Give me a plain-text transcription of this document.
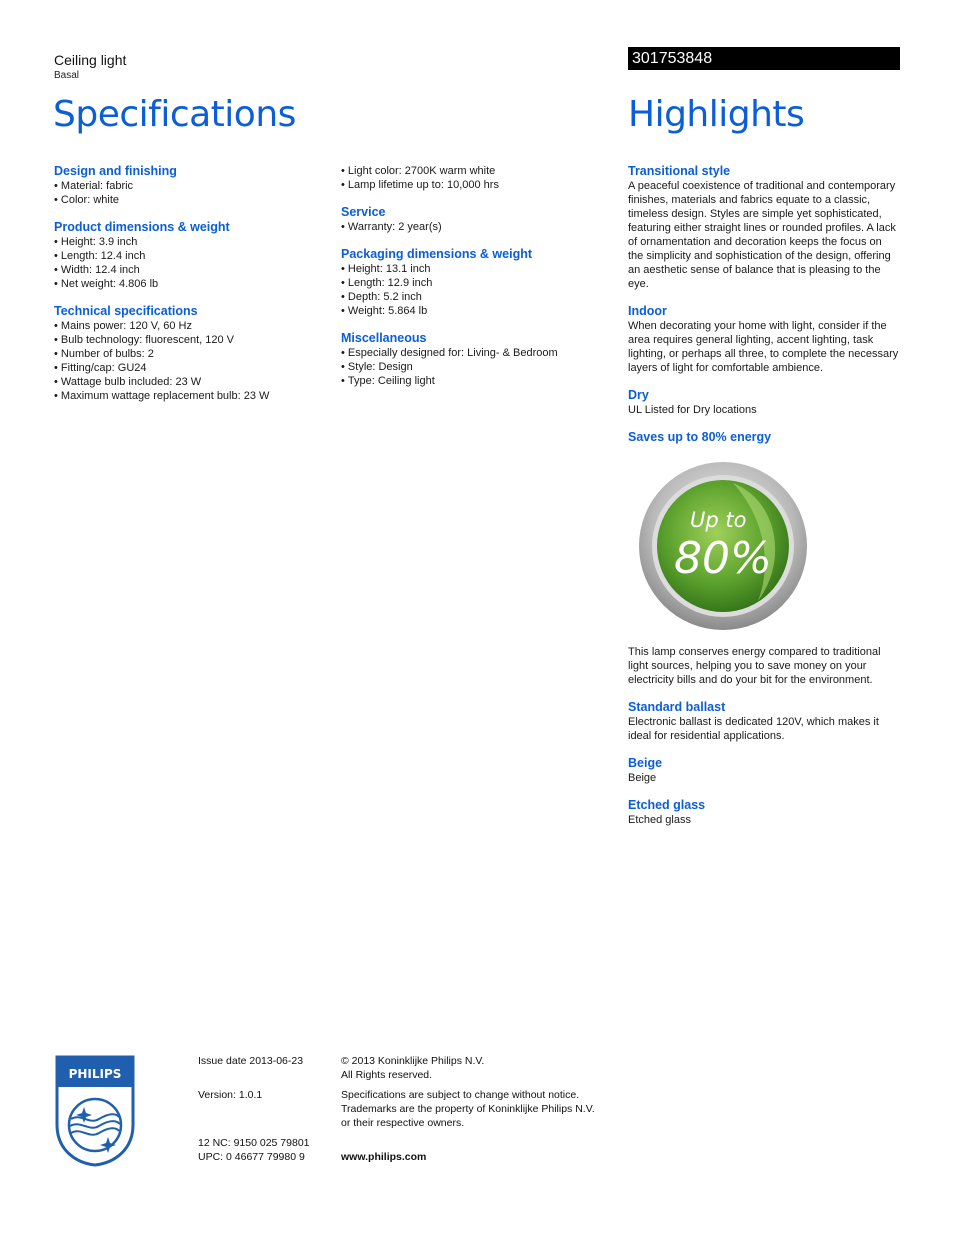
Ceiling light
Basal
301753848
Specifications	Highlights
Design and finishing
• Material: fabric
• Color: white
Product dimensions & weight
• Height: 3.9 inch
• Length: 12.4 inch
• Width: 12.4 inch
• Net weight: 4.806 lb
Technical specifications
• Mains power: 120 V, 60 Hz
• Bulb technology: fluorescent, 120 V
• Number of bulbs: 2
• Fitting/cap: GU24
• Wattage bulb included: 23 W
• Maximum wattage replacement bulb: 23 W
• Light color: 2700K warm white
• Lamp lifetime up to: 10,000 hrs
Service
• Warranty: 2 year(s)
Packaging dimensions & weight
• Height: 13.1 inch
• Length: 12.9 inch
• Depth: 5.2 inch
• Weight: 5.864 lb
Miscellaneous
• Especially designed for: Living- & Bedroom
• Style: Design
• Type: Ceiling light
Transitional style

A peaceful coexistence of traditional and contemporary finishes, materials and fabrics equate to a classic, timeless design. Styles are simple yet sophisticated, featuring either straight lines or rounded profiles. A lack of ornamentation and decoration keeps the focus on the simplicity and sophistication of the design, offering an aesthetic sense of balance that is pleasing to the eye.

Indoor

When decorating your home with light, consider if the area requires general lighting, accent lighting, task lighting, or perhaps all three, to complete the necessary layers of light for comfortable ambience.

Dry

UL Listed for Dry locations

Saves up to 80% energy
Up to
80%

This lamp conserves energy compared to traditional light sources, helping you to save money on your electricity bills and do your bit for the environment.

Standard ballast

Electronic ballast is dedicated 120V, which makes it ideal for residential applications.

Beige

Beige

Etched glass

Etched glass

PHILIPS
Issue date 2013-06-23
Version: 1.0.1
12 NC: 9150 025 79801
UPC: 0 46677 79980 9
© 2013 Koninklijke Philips N.V.
All Rights reserved.
Specifications are subject to change without notice.
Trademarks are the property of Koninklijke Philips N.V.
or their respective owners.
www.philips.com
